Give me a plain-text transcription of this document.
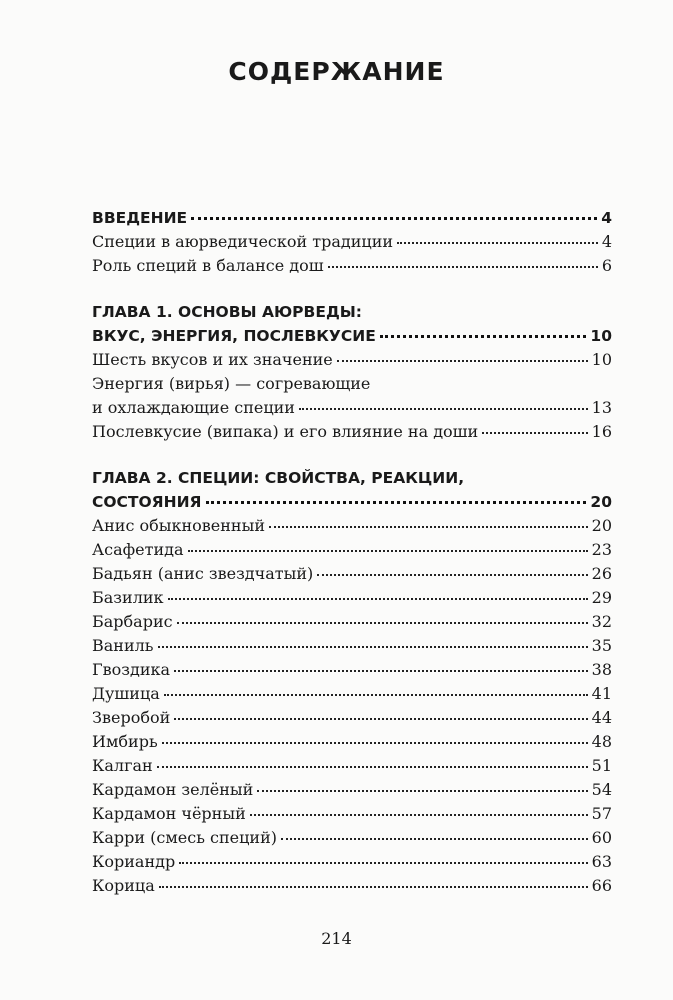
СОДЕРЖАНИЕ
ВВЕДЕНИЕ	4
Специи в аюрведической традиции	4
Роль специй в балансе дош	6
ГЛАВА 1. ОСНОВЫ АЮРВЕДЫ:
ВКУС, ЭНЕРГИЯ, ПОСЛЕВКУСИЕ	10
Шесть вкусов и их значение	10
Энергия (вирья) — согревающие
и охлаждающие специи	13
Послевкусие (випака) и его влияние на доши	16
ГЛАВА 2. СПЕЦИИ: СВОЙСТВА, РЕАКЦИИ,
СОСТОЯНИЯ	20
Анис обыкновенный	20
Асафетида	23
Бадьян (анис звездчатый)	26
Базилик	29
Барбарис	32
Ваниль	35
Гвоздика	38
Душица	41
Зверобой	44
Имбирь	48
Калган	51
Кардамон зелёный	54
Кардамон чёрный	57
Карри (смесь специй)	60
Кориандр	63
Корица	66
214
